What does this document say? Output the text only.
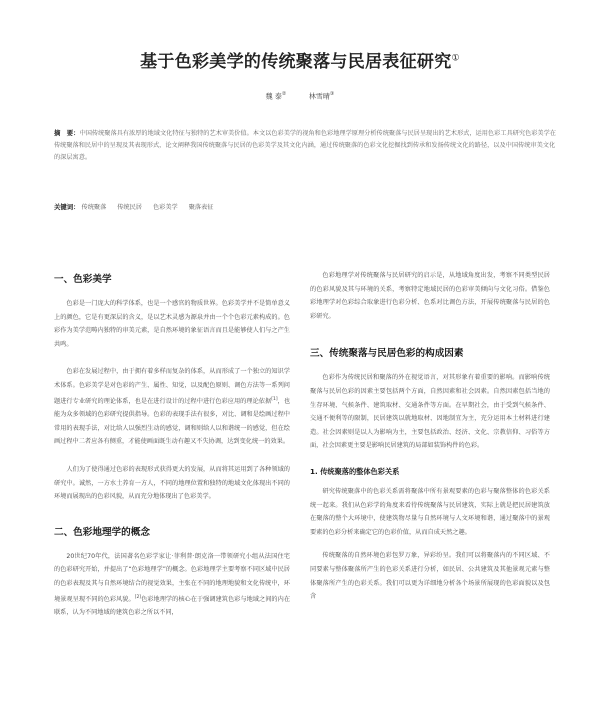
基于色彩美学的传统聚落与民居表征研究①
魏 泰②	林雪晴③
摘　要：中国传统聚落具有浓厚的地域文化特征与独特的艺术审美价值。本文以色彩美学的视角和色彩地理学原理分析传统聚落与民居呈现出的艺术形式，运用色彩工具研究色彩美学在传统聚落和民居中的呈现及其表现形式，论文阐释我国传统聚落与民居的色彩美学及其文化内涵，通过传统聚落的色彩文化挖掘找到传承和发扬传统文化的路径，以及中国传统审美文化的深层寓意。
关键词： 传统聚落 传统民居 色彩美学 聚落表征
一、色彩美学

色彩是一门庞大的科学体系，也是一个感官的物质世界。色彩美学并不是简单意义上的颜色，它是有更深层的含义，是以艺术灵感为源泉并由一个个色彩元素构成的。色彩作为美学范畴内独特的审美元素，是自然环境的象征语言而且是能够使人们与之产生共鸣。

色彩在发展过程中，由于拥有着多样而复杂的体系，从而形成了一个独立的知识学术体系。色彩美学是对色彩的产生、属性、知觉，以及配色原则、调色方法等一系列问题进行专业研究的理论体系，也是在进行设计的过程中进行色彩应用的理论依据[1]，也能为众多领域的色彩研究提供指导。色彩的表现手法有很多，对比、调和是绘画过程中常用的表现手法，对比给人以强烈生动的感觉，调和则给人以和谐统一的感觉，但在绘画过程中二者应各有侧重，才能使画面既生动有趣又不失协调，达到变化统一的效果。

人们为了使得通过色彩的表现形式获得更大的发展，从而将其运用到了各种领域的研究中。诚然，一方水土养育一方人，不同的地理位置和独特的地域文化体现出不同的环境而展现出的色彩风貌，从而充分地体现出了色彩美学。

二、色彩地理学的概念

20世纪70年代，法国著名色彩学家让·菲利普·朗克洛一带领研究小组从法国住宅的色彩研究开始，并提出了“色彩地理学”的概念。色彩地理学主要考察不同区域中民居的色彩表现及其与自然环境结合的视觉效果，主张在不同的地理地貌和文化传统中，环境景观呈现不同的色彩风貌。[2]色彩地理学的核心在于强调建筑色彩与地域之间的内在联系，认为不同地域的建筑色彩之所以不同，

色彩地理学对传统聚落与民居研究的启示是，从地域角度出发，考察不同类型民居的色彩风貌及其与环境的关系，考察特定地域民居的色彩审美倾向与文化习俗。借鉴色彩地理学对色彩综合取象进行色彩分析、色系对比调色方法，开展传统聚落与民居的色彩研究。

三、传统聚落与民居色彩的构成因素

色彩作为传统民居和聚落的外在视觉语言，对其形象有着重要的影响。而影响传统聚落与民居色彩的因素主要包括两个方面，自然因素和社会因素。自然因素包括当地的生存环境、气候条件、建筑取材、交通条件等方面。在早期社会，由于受到气候条件、交通不便利等的限制，民居建筑以就地取材、因地制宜为主，充分运用本土材料进行建造。社会因素则是以人为影响为主，主要包括政治、经济、文化、宗教信仰、习俗等方面，社会因素更主要是影响民居建筑的局部如装饰构件的色彩。

1. 传统聚落的整体色彩关系

研究传统聚落中的色彩关系需将聚落中所有景观要素的色彩与聚落整体的色彩关系统一起来。我们从色彩学的角度来看待传统聚落与民居建筑，实际上就是把民居建筑放在聚落的整个大环境中，使建筑物尽量与自然环境与人文环境和谐，通过聚落中的景观要素的色彩分析来确定它的色彩价值，从而自成天然之趣。

传统聚落的自然环境色彩包罗万象，异彩纷呈。我们可以将聚落内的不同区域、不同要素与整体聚落所产生的色彩关系进行分析，如民居、公共建筑及其他景观元素与整体聚落所产生的色彩关系。我们可以更为详细地分析各个场景所展现的色彩面貌以及包含
